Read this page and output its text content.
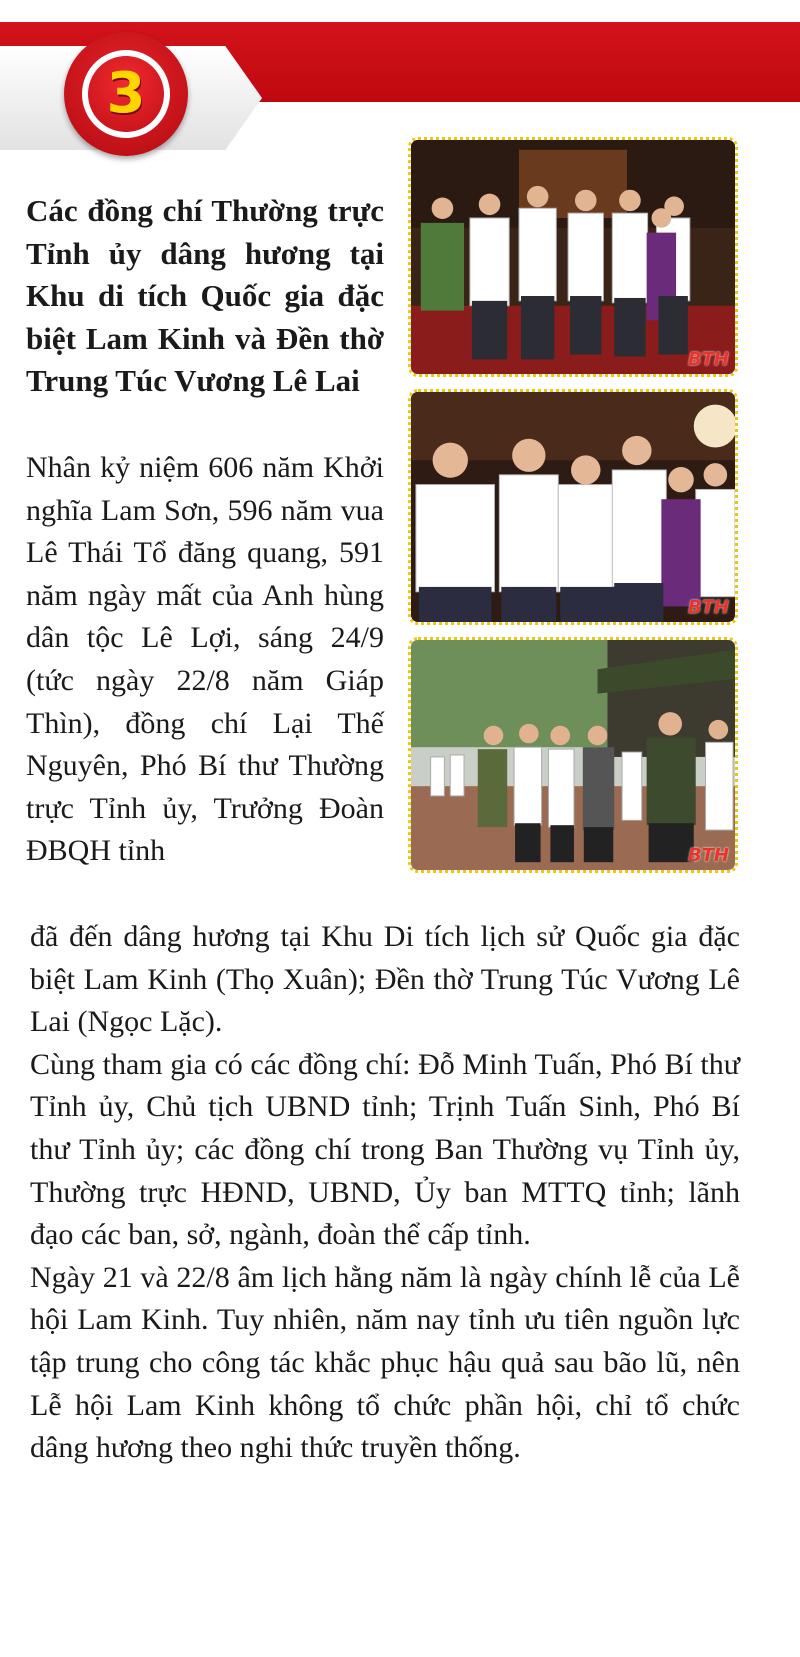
3
Các đồng chí Thường trực Tỉnh ủy dâng hương tại Khu di tích Quốc gia đặc biệt Lam Kinh và Đền thờ Trung Túc Vương Lê Lai

Nhân kỷ niệm 606 năm Khởi nghĩa Lam Sơn, 596 năm vua Lê Thái Tổ đăng quang, 591 năm ngày mất của Anh hùng dân tộc Lê Lợi, sáng 24/9 (tức ngày 22/8 năm Giáp Thìn), đồng chí Lại Thế Nguyên, Phó Bí thư Thường trực Tỉnh ủy, Trưởng Đoàn ĐBQH tỉnh

BTH
BTH
BTH

đã đến dâng hương tại Khu Di tích lịch sử Quốc gia đặc biệt Lam Kinh (Thọ Xuân); Đền thờ Trung Túc Vương Lê Lai (Ngọc Lặc).

Cùng tham gia có các đồng chí: Đỗ Minh Tuấn, Phó Bí thư Tỉnh ủy, Chủ tịch UBND tỉnh; Trịnh Tuấn Sinh, Phó Bí thư Tỉnh ủy; các đồng chí trong Ban Thường vụ Tỉnh ủy, Thường trực HĐND, UBND, Ủy ban MTTQ tỉnh; lãnh đạo các ban, sở, ngành, đoàn thể cấp tỉnh.

Ngày 21 và 22/8 âm lịch hằng năm là ngày chính lễ của Lễ hội Lam Kinh. Tuy nhiên, năm nay tỉnh ưu tiên nguồn lực tập trung cho công tác khắc phục hậu quả sau bão lũ, nên Lễ hội Lam Kinh không tổ chức phần hội, chỉ tổ chức dâng hương theo nghi thức truyền thống.
